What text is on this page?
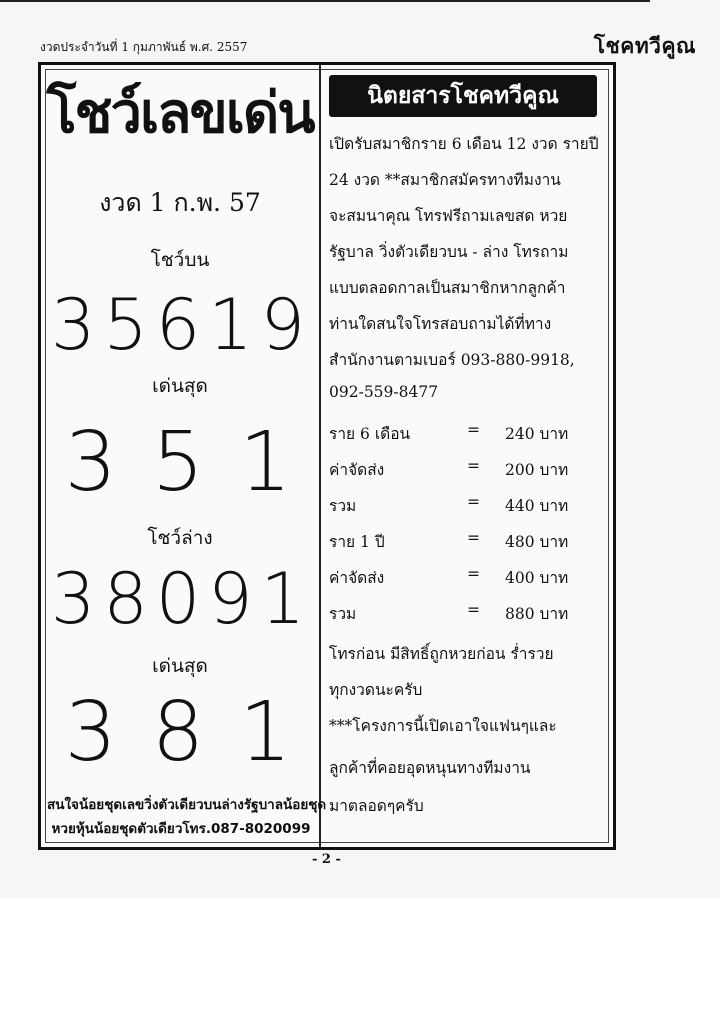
งวดประจำวันที่ 1 กุมภาพันธ์ พ.ศ. 2557	โชคทวีคูณ
โชว์เลขเด่น
งวด 1 ก.พ. 57
โชว์บน
3 5 6 1 9
เด่นสุด
3 5 1
โชว์ล่าง
3 8 0 9 1
เด่นสุด
3 8 1
สนใจน้อยชุดเลขวิ่งตัวเดียวบนล่างรัฐบาลน้อยชุด
หวยหุ้นน้อยชุดตัวเดียวโทร.087-8020099
นิตยสารโชคทวีคูณ
เปิดรับสมาชิกราย 6 เดือน 12 งวด รายปี
24 งวด **สมาชิกสมัครทางทีมงาน
จะสมนาคุณ โทรฟรีถามเลขสด หวย
รัฐบาล วิ่งตัวเดียวบน - ล่าง โทรถาม
แบบตลอดกาลเป็นสมาชิกหากลูกค้า
ท่านใดสนใจโทรสอบถามได้ที่ทาง
สำนักงานตามเบอร์ 093-880-9918,
092-559-8477
ราย 6 เดือน	= 240 บาท
ค่าจัดส่ง	= 200 บาท
รวม	= 440 บาท
ราย 1 ปี	= 480 บาท
ค่าจัดส่ง	= 400 บาท
รวม	= 880 บาท
โทรก่อน มีสิทธิ์ถูกหวยก่อน ร่ำรวย
ทุกงวดนะครับ
***โครงการนี้เปิดเอาใจแฟนๆและ
ลูกค้าที่คอยอุดหนุนทางทีมงาน
มาตลอดๆครับ
- 2 -
